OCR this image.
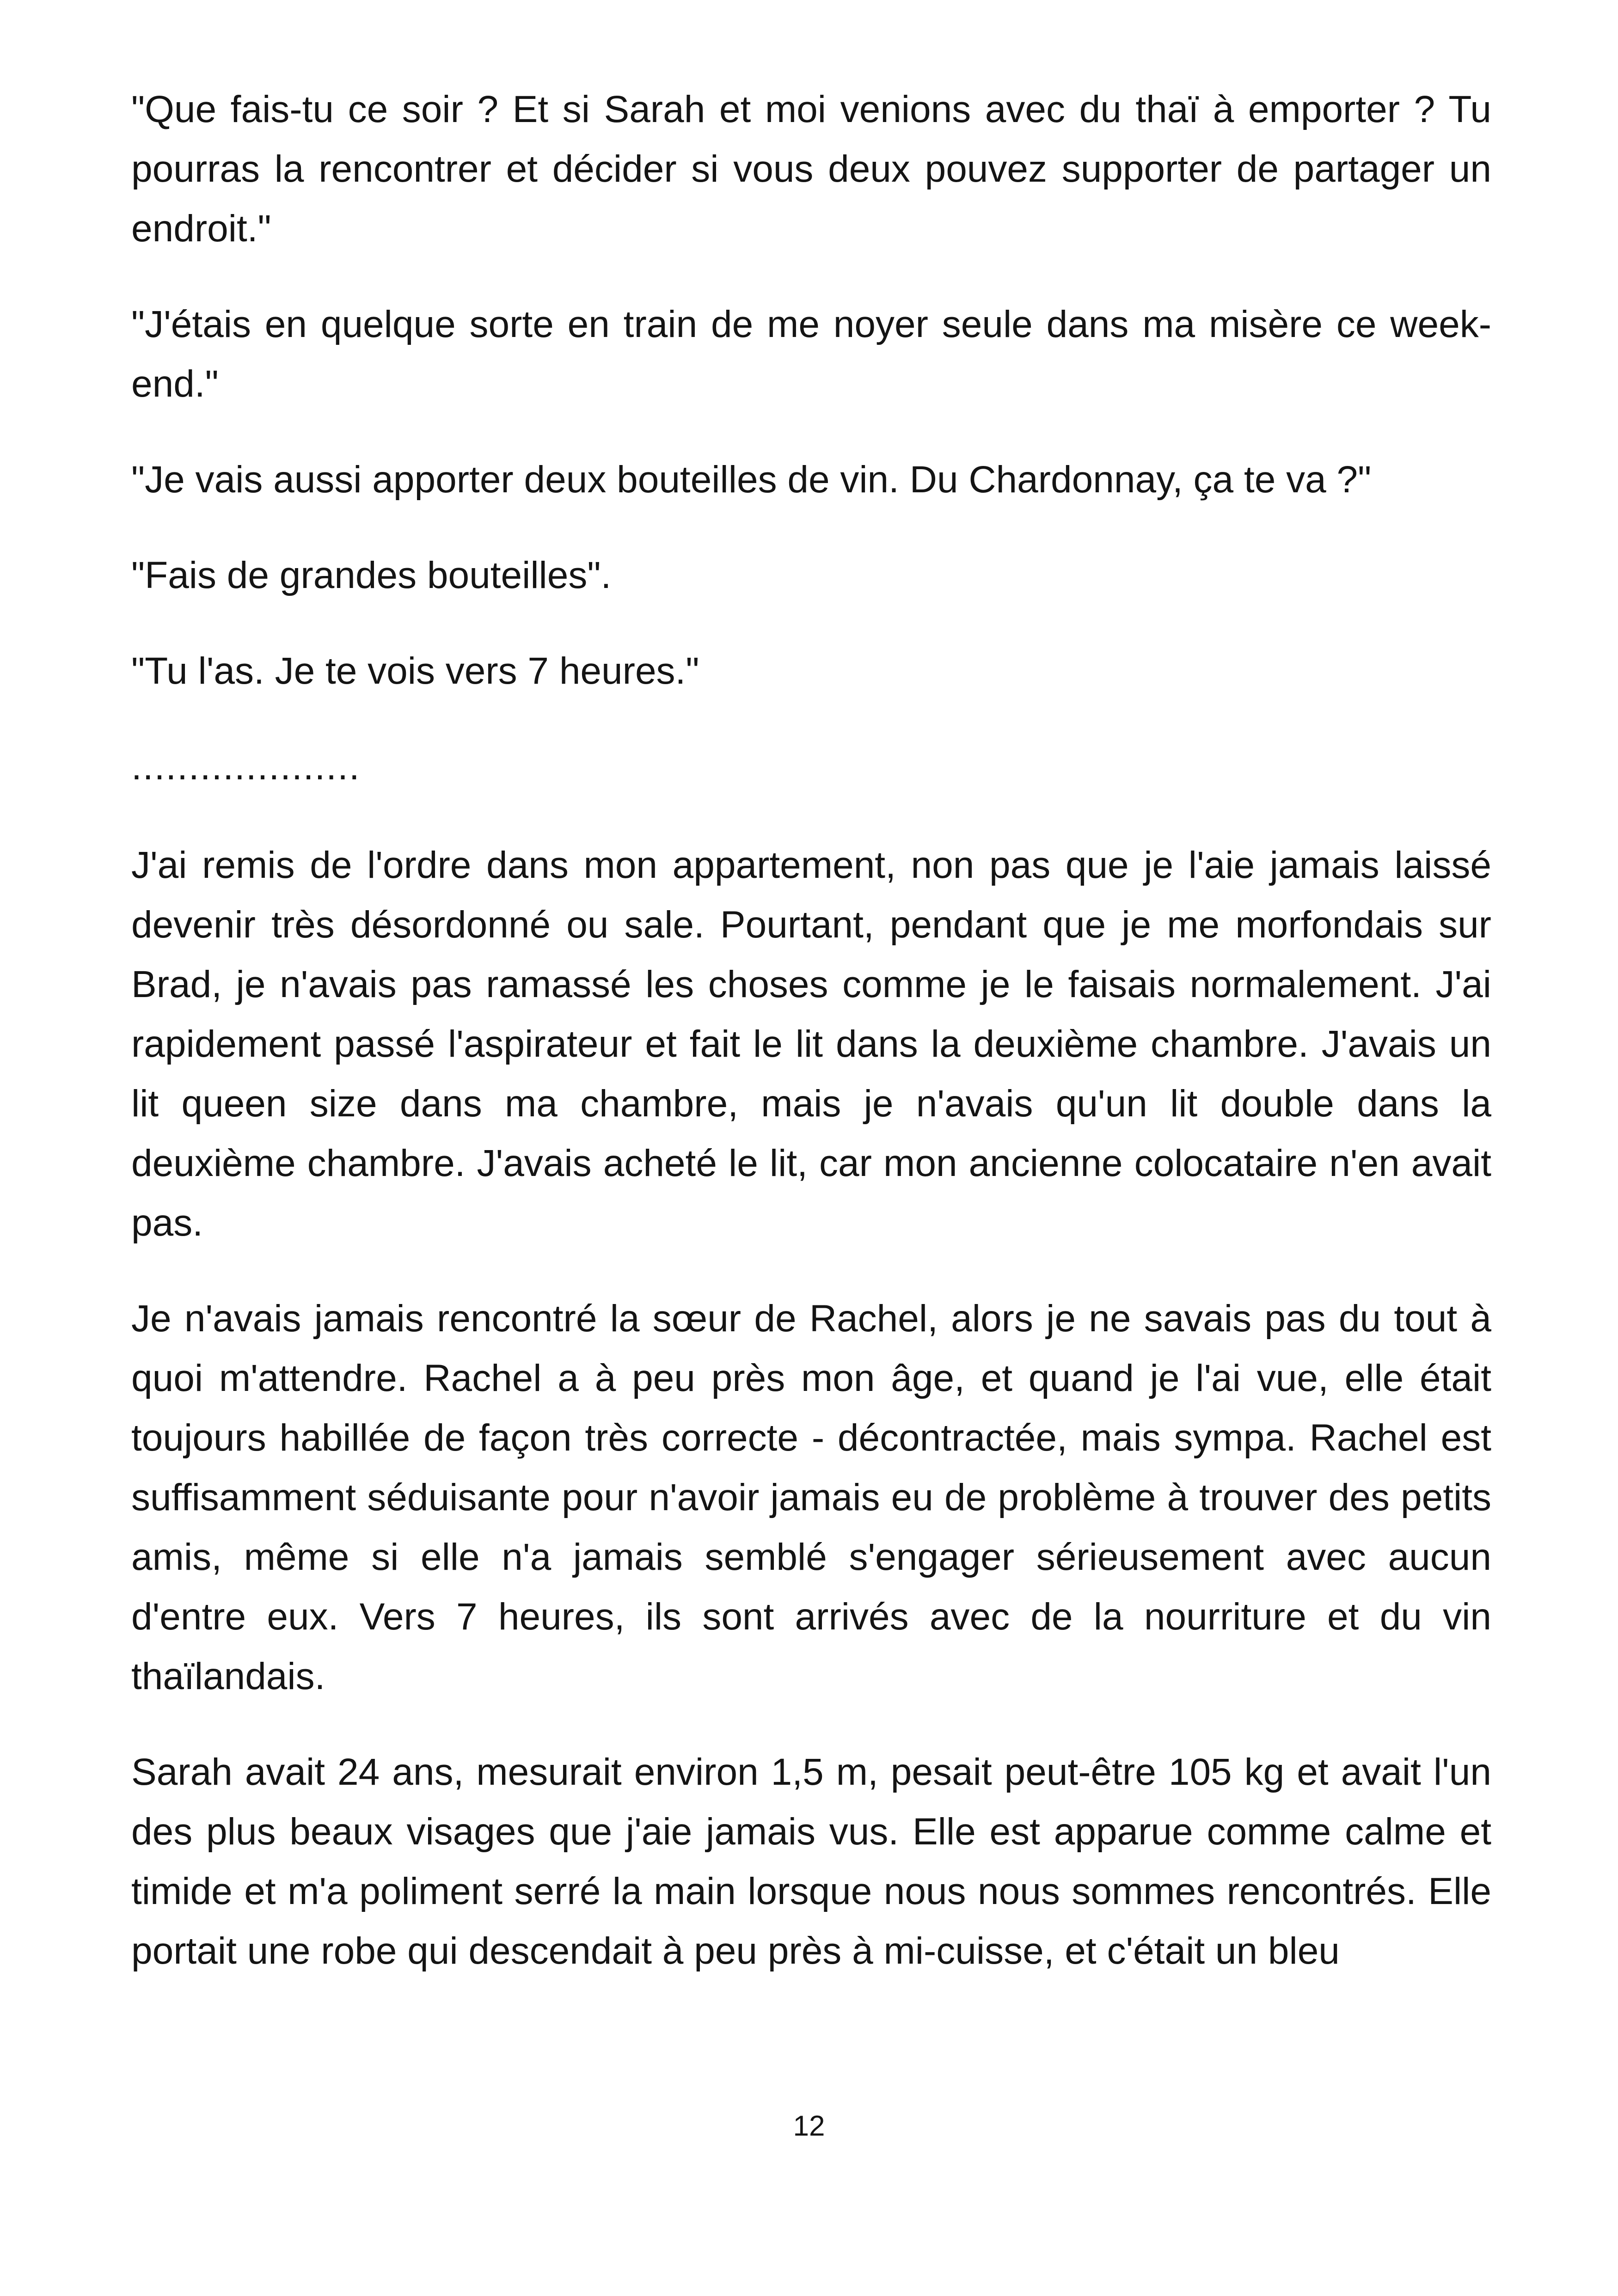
"Que fais-tu ce soir ? Et si Sarah et moi venions avec du thaï à emporter ? Tu pourras la rencontrer et décider si vous deux pouvez supporter de partager un endroit."

"J'étais en quelque sorte en train de me noyer seule dans ma misère ce week-end."

"Je vais aussi apporter deux bouteilles de vin. Du Chardonnay, ça te va ?"

"Fais de grandes bouteilles".

"Tu l'as. Je te vois vers 7 heures."

....................

J'ai remis de l'ordre dans mon appartement, non pas que je l'aie jamais laissé devenir très désordonné ou sale. Pourtant, pendant que je me morfondais sur Brad, je n'avais pas ramassé les choses comme je le faisais normalement. J'ai rapidement passé l'aspirateur et fait le lit dans la deuxième chambre. J'avais un lit queen size dans ma chambre, mais je n'avais qu'un lit double dans la deuxième chambre. J'avais acheté le lit, car mon ancienne colocataire n'en avait pas.

Je n'avais jamais rencontré la sœur de Rachel, alors je ne savais pas du tout à quoi m'attendre. Rachel a à peu près mon âge, et quand je l'ai vue, elle était toujours habillée de façon très correcte - décontractée, mais sympa. Rachel est suffisamment séduisante pour n'avoir jamais eu de problème à trouver des petits amis, même si elle n'a jamais semblé s'engager sérieusement avec aucun d'entre eux. Vers 7 heures, ils sont arrivés avec de la nourriture et du vin thaïlandais.

Sarah avait 24 ans, mesurait environ 1,5 m, pesait peut-être 105 kg et avait l'un des plus beaux visages que j'aie jamais vus. Elle est apparue comme calme et timide et m'a poliment serré la main lorsque nous nous sommes rencontrés. Elle portait une robe qui descendait à peu près à mi-cuisse, et c'était un bleu

12
